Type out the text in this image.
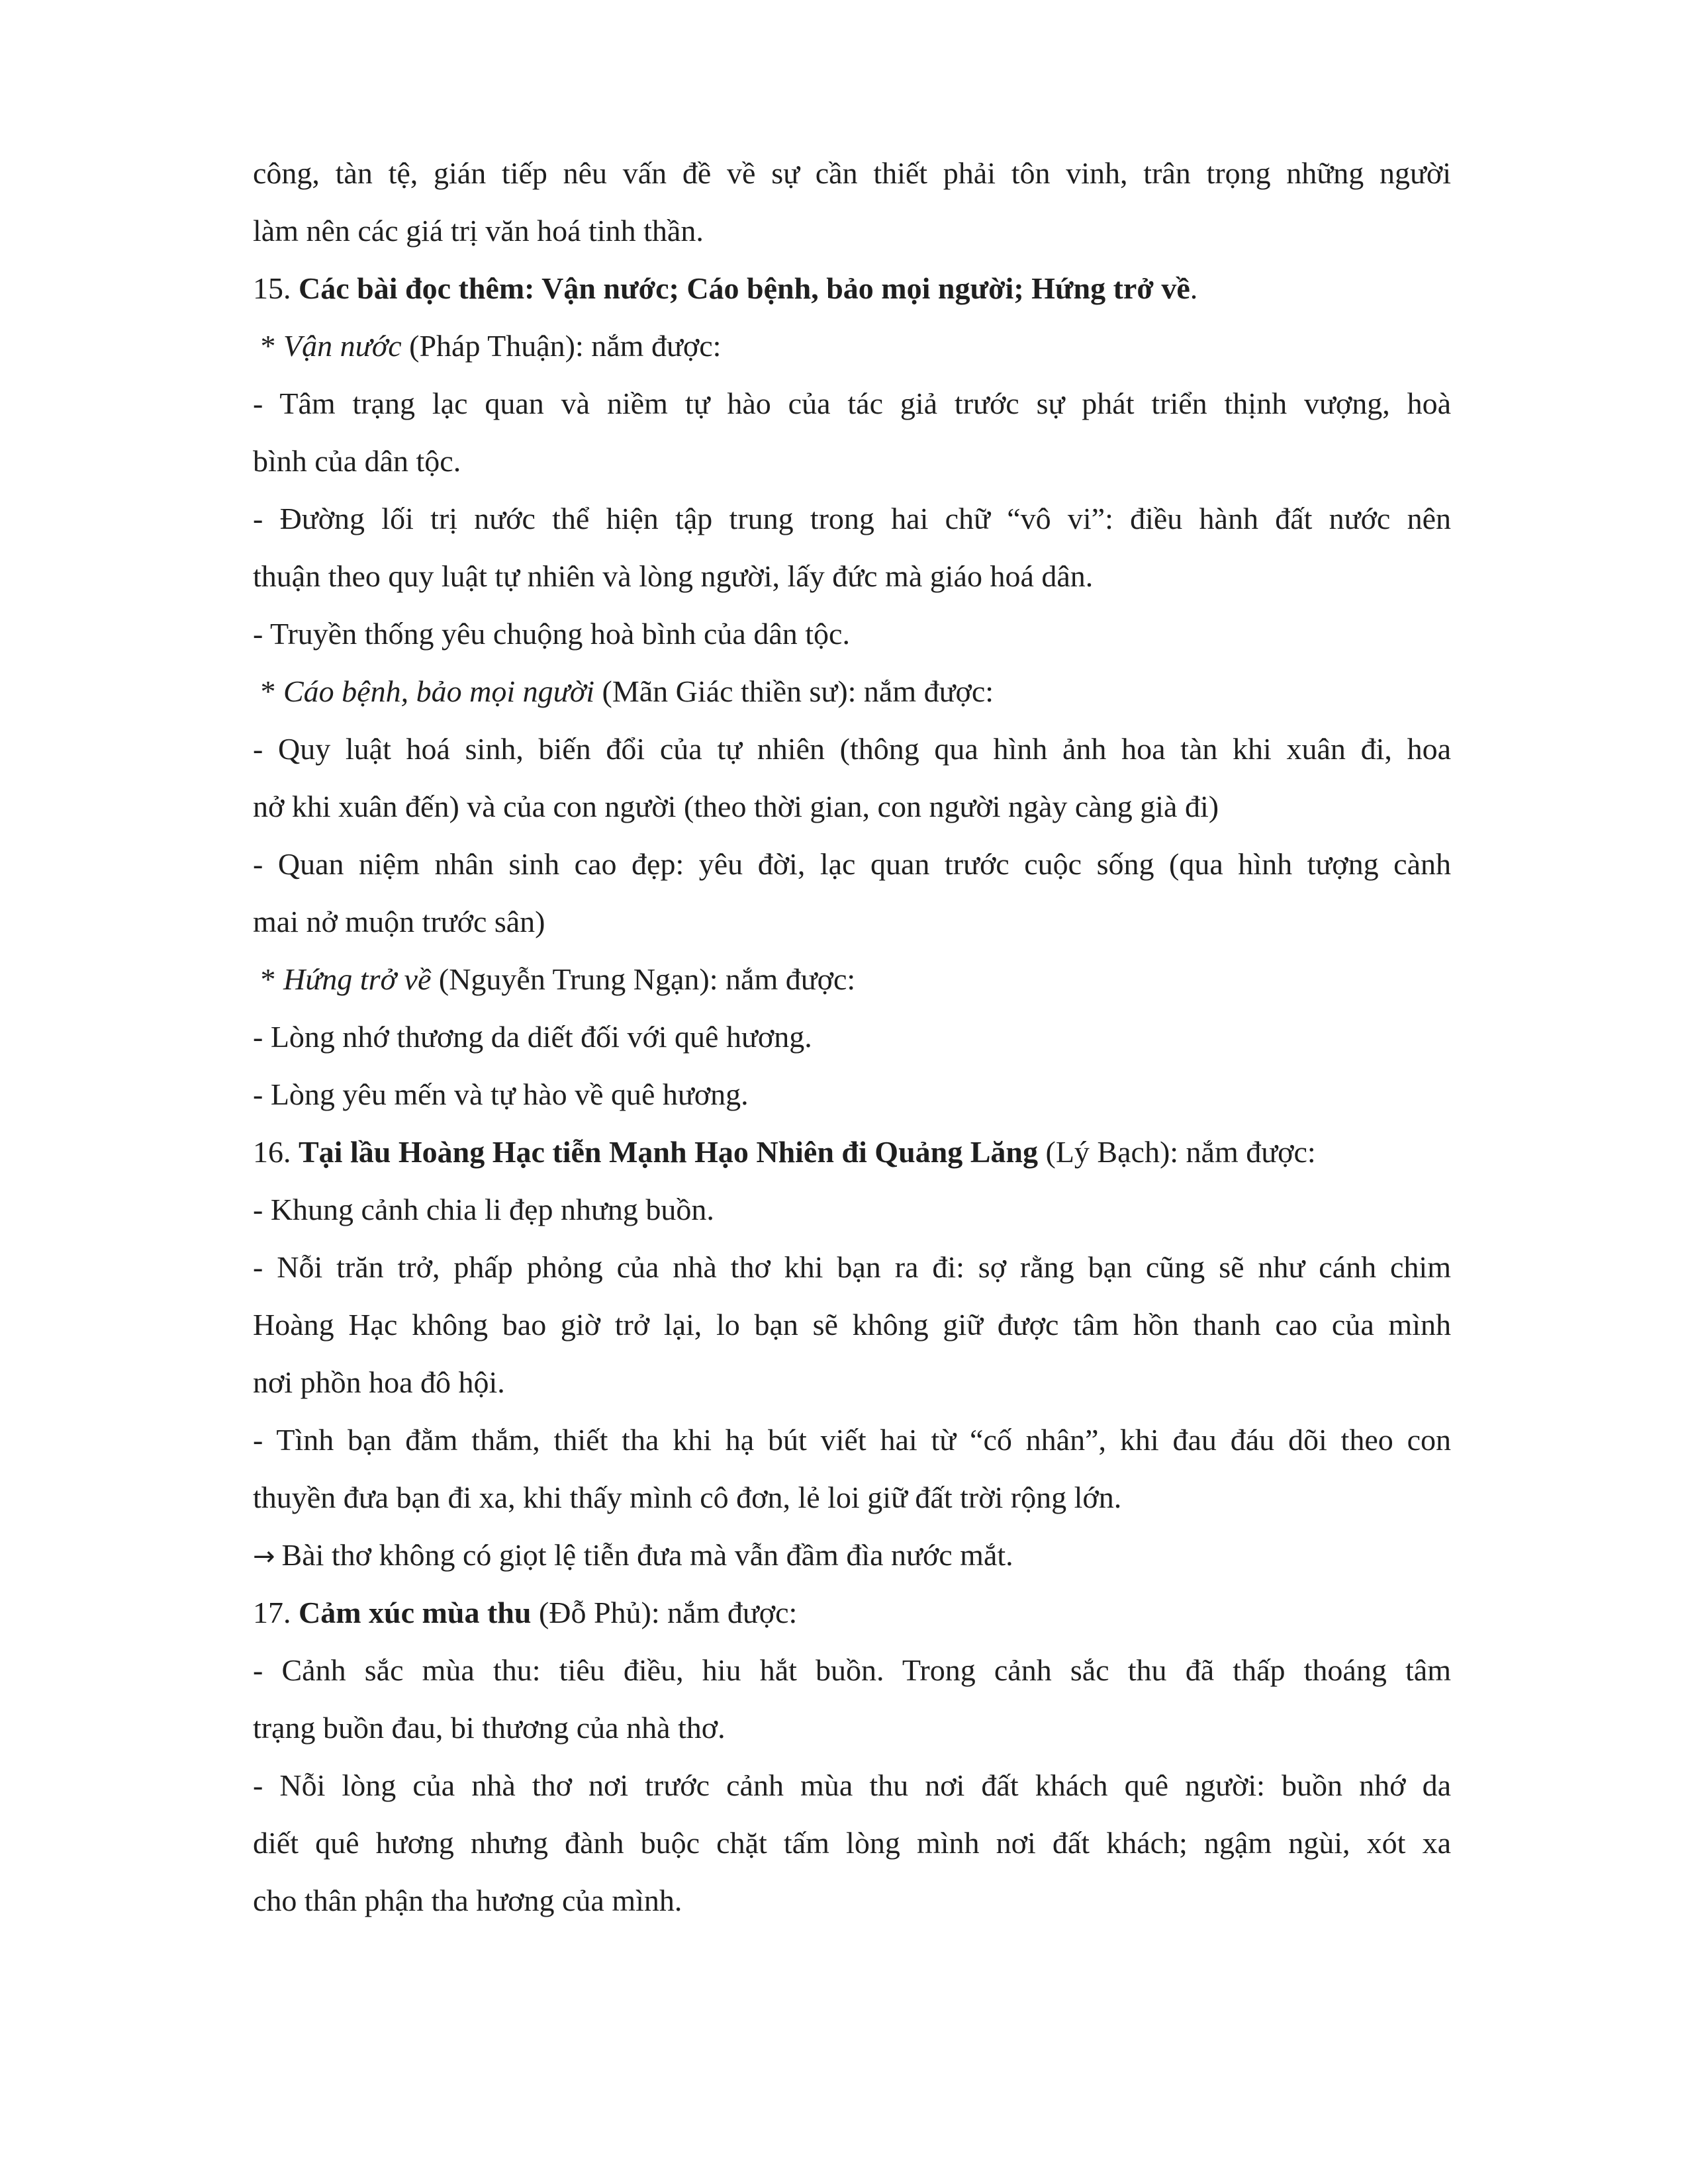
công, tàn tệ, gián tiếp nêu vấn đề về sự cần thiết phải tôn vinh, trân trọng những người
làm nên các giá trị văn hoá tinh thần.
15. Các bài đọc thêm: Vận nước; Cáo bệnh, bảo mọi người; Hứng trở về.
* Vận nước (Pháp Thuận): nắm được:
- Tâm trạng lạc quan và niềm tự hào của tác giả trước sự phát triển thịnh vượng, hoà
bình của dân tộc.
- Đường lối trị nước thể hiện tập trung trong hai chữ “vô vi”: điều hành đất nước nên
thuận theo quy luật tự nhiên và lòng người, lấy đức mà giáo hoá dân.
- Truyền thống yêu chuộng hoà bình của dân tộc.
* Cáo bệnh, bảo mọi người (Mãn Giác thiền sư): nắm được:
- Quy luật hoá sinh, biến đổi của tự nhiên (thông qua hình ảnh hoa tàn khi xuân đi, hoa
nở khi xuân đến) và của con người (theo thời gian, con người ngày càng già đi)
- Quan niệm nhân sinh cao đẹp: yêu đời, lạc quan trước cuộc sống (qua hình tượng cành
mai nở muộn trước sân)
* Hứng trở về (Nguyễn Trung Ngạn): nắm được:
- Lòng nhớ thương da diết đối với quê hương.
- Lòng yêu mến và tự hào về quê hương.
16. Tại lầu Hoàng Hạc tiễn Mạnh Hạo Nhiên đi Quảng Lăng (Lý Bạch): nắm được:
- Khung cảnh chia li đẹp nhưng buồn.
- Nỗi trăn trở, phấp phỏng của nhà thơ khi bạn ra đi: sợ rằng bạn cũng sẽ như cánh chim
Hoàng Hạc không bao giờ trở lại, lo bạn sẽ không giữ được tâm hồn thanh cao của mình
nơi phồn hoa đô hội.
- Tình bạn đằm thắm, thiết tha khi hạ bút viết hai từ “cố nhân”, khi đau đáu dõi theo con
thuyền đưa bạn đi xa, khi thấy mình cô đơn, lẻ loi giữ đất trời rộng lớn.
→ Bài thơ không có giọt lệ tiễn đưa mà vẫn đầm đìa nước mắt.
17. Cảm xúc mùa thu (Đỗ Phủ): nắm được:
- Cảnh sắc mùa thu: tiêu điều, hiu hắt buồn. Trong cảnh sắc thu đã thấp thoáng tâm
trạng buồn đau, bi thương của nhà thơ.
- Nỗi lòng của nhà thơ nơi trước cảnh mùa thu nơi đất khách quê người: buồn nhớ da
diết quê hương nhưng đành buộc chặt tấm lòng mình nơi đất khách; ngậm ngùi, xót xa
cho thân phận tha hương của mình.
